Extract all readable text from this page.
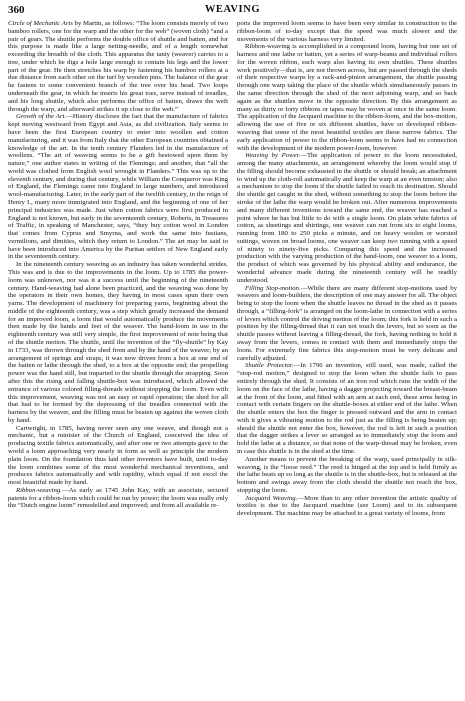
360	WEAVING

Circle of Mechanic Arts by Martin, as follows: “The loom consists merely of two bamboo rollers, one for the warp and the other for the web” (woven cloth) “and a pair of gears. The shuttle performs the double office of shuttle and batten, and for this purpose is made like a large netting-needle, and of a length somewhat exceeding the breadth of the cloth. This apparatus the tanty (weaver) carries to a tree, under which he digs a hole large enough to contain his legs and the lower part of the gear. He then stretches his warp by fastening his bamboo rollers at a due distance from each other on the turf by wooden pins. The balance of the gear he fastens to some convenient branch of the tree over his head. Two loops underneath the gear, in which he inserts his great toes, serve instead of treadles, and his long shuttle, which also performs the office of batten, draws the weft through the warp, and afterward strikes it up close to the web.”

Growth of the Art.—History discloses the fact that the manufacture of fabrics kept moving westward from Egypt and Asia, as did civilization. Italy seems to have been the first European country to enter into woollen and cotton manufacturing, and it was from Italy that the other European countries obtained a knowledge of the art. In the tenth century Flanders led in the manufacture of woollens. “The art of weaving seems to be a gift bestowed upon them by nature,” one author states in writing of the Flemings; and another, that “all the world was clothed from English wool wrought in Flanders.” This was up to the eleventh century, and during that century, while William the Conqueror was King of England, the Flemings came into England in large numbers, and introduced wool-manufacturing. Later, in the early part of the twelfth century, in the reign of Henry I., many more immigrated into England, and the beginning of one of her principal industries was made. Just when cotton fabrics were first produced in England is not known, but early in the seventeenth century, Roberts, in Treasures of Traffic, in speaking of Manchester, says, “they buy cotton wool in London that comes from Cyprus and Smyrna, and work the same into fustians, vermilions, and dimities, which they return to London.” The art may be said to have been introduced into America by the Puritan settlers of New England early in the seventeenth century.

In the nineteenth century weaving as an industry has taken wonderful strides. This was and is due to the improvements in the loom. Up to 1785 the power-loom was unknown, nor was it a success until the beginning of the nineteenth century. Hand-weaving had alone been practiced, and the weaving was done by the operators in their own homes, they having in most cases spun their own yarns. The development of machinery for preparing yarns, beginning about the middle of the eighteenth century, was a step which greatly increased the demand for an improved loom, a loom that would automatically produce the movements then made by the hands and feet of the weaver. The hand-loom in use in the eighteenth century was still very simple, the first improvement of note being that of the shuttle motion. The shuttle, until the invention of the “fly-shuttle” by Kay in 1733, was thrown through the shed from and by the hand of the weaver; by an arrangement of springs and straps, it was now driven from a box at one end of the batten or lathe through the shed, to a box at the opposite end; the propelling power was the hand still, but imparted to the shuttle through the strapping. Soon after this the rising and falling shuttle-box was introduced, which allowed the entrance of various colored filling-threads without stopping the loom. Even with this improvement, weaving was not an easy or rapid operation; the shed for all that had to be formed by the depressing of the treadles connected with the harness by the weaver, and the filling must be beaten up against the woven cloth by hand.

Cartwright, in 1785, having never seen any one weave, and though not a mechanic, but a minister of the Church of England, conceived the idea of producing textile fabrics automatically, and after one or two attempts gave to the world a loom approaching very nearly in form as well as principle the modern plain loom. On the foundation thus laid other inventors have built, until to-day the loom combines some of the most wonderful mechanical inventions, and produces fabrics automatically and with rapidity, which equal if not excel the most beautiful made by hand.

Ribbon-weaving.—As early as 1745 John Kay, with an associate, secured patents for a ribbon-loom which could be run by power; the loom was really only the “Dutch engine loom” remodelled and improved; and from all available re-

ports the improved loom seems to have been very similar in construction to the ribbon-loom of to-day except that the speed was much slower and the movements of the various harness very limited.

Ribbon-weaving is accomplished in a compound loom, having but one set of harness and one lathe or batten, yet a series of warp-beams and individual rollers for the woven ribbon, each warp also having its own shuttles. These shuttles work positively—that is, are not thrown across, but are passed through the sheds of their respective warps by a rack-and-pinion arrangement, the shuttle passing through one warp taking the place of the shuttle which simultaneously passes in the same direction through the shed of the next adjoining warp, and so back again as the shuttles move in the opposite direction. By this arrangement as many as thirty or forty ribbons or tapes may be woven at once in the same loom. The application of the Jacquard machine to the ribbon-loom, and the box-motion, allowing the use of five or six different shuttles, have so developed ribbon-weaving that some of the most beautiful textiles are these narrow fabrics. The early application of power to the ribbon-loom seems to have had no connection with the development of the modern power-loom, however.

Weaving by Power.—The application of power to the loom necessitated, among the many attachments, an arrangement whereby the loom would stop if the filling should become exhausted in the shuttle or should break; an attachment to wind up the cloth-roll automatically and keep the warp at an even tension; also a mechanism to stop the loom if the shuttle failed to reach its destination. Should the shuttle get caught in the shed, without something to stop the loom before the stroke of the lathe the warp would be broken out. After numerous improvements and many different inventions toward the same end, the weaver has reached a point where he has but little to do with a single loom. On plain white fabrics of cotton, as sheetings and shirtings, one weaver can run from six to eight looms, running from 180 to 250 picks a minute, and on heavy woolen or worsted suitings, woven on broad looms, one weaver can keep two running with a speed of ninety to ninety-five picks. Comparing this speed and the increased production with the varying production of the hand-loom, one weaver to a loom, the product of which was governed by his physical ability and endurance, the wonderful advance made during the nineteenth century will be readily understood.

Filling Stop-motion.—While there are many different stop-motions used by weavers and loom-builders, the description of one may answer for all. The object being to stop the loom when the shuttle leaves no thread in the shed as it passes through, a “filling-fork” is arranged on the loom-lathe in connection with a series of levers which control the driving motion of the loom; this fork is held in such a position by the filling-thread that it can not touch the levers, but so soon as the shuttle passes without leaving a filling-thread, the fork, having nothing to hold it away from the levers, comes in contact with them and immediately stops the loom. For extremely fine fabrics this stop-motion must be very delicate and carefully adjusted.

Shuttle Protector.—In 1796 an invention, still used, was made, called the “stop-rod motion,” designed to stop the loom when the shuttle fails to pass entirely through the shed. It consists of an iron rod which runs the width of the loom on the face of the lathe, having a dagger projecting toward the breast-beam at the front of the loom, and fitted with an arm at each end, these arms being in contact with certain fingers on the shuttle-boxes at either end of the lathe. When the shuttle enters the box the finger is pressed outward and the arm in contact with it gives a vibrating motion to the rod just as the filling is being beaten up; should the shuttle not enter the box, however, the rod is left in such a position that the dagger strikes a lever so arranged as to immediately stop the loom and hold the lathe at a distance, so that none of the warp-thread may be broken, even in case this shuttle is in the shed at the time.

Another means to prevent the breaking of the warp, used principally in silk-weaving, is the “loose reed.” The reed is hinged at the top and is held firmly as the lathe beats up so long as the shuttle is in the shuttle-box, but is released at the bottom and swings away from the cloth should the shuttle not reach the box, stopping the loom.

Jacquard Weaving.—More than to any other invention the artistic quality of textiles is due to the Jacquard machine (see Loom) and to its subsequent development. The machine may be attached to a great variety of looms, from
